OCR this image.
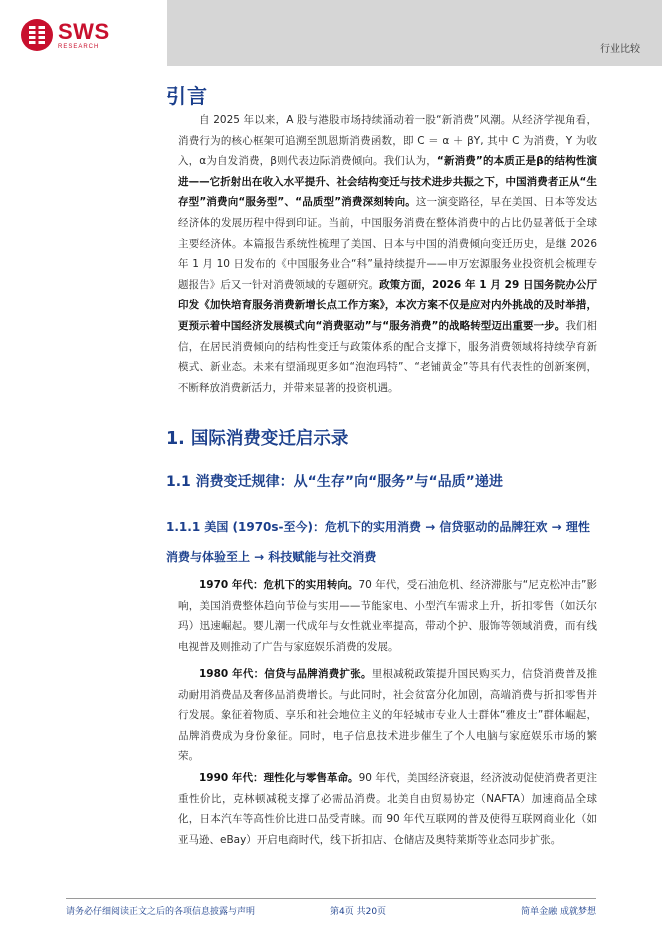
SWS
RESEARCH	行业比较
引言
自 2025 年以来，A 股与港股市场持续涌动着一股“新消费”风潮。从经济学视角看，消费行为的核心框架可追溯至凯恩斯消费函数，即 C ＝ α ＋ βY, 其中 C 为消费，Y 为收入，α为自发消费，β则代表边际消费倾向。我们认为，“新消费”的本质正是β的结构性演进——它折射出在收入水平提升、社会结构变迁与技术进步共振之下，中国消费者正从“生存型”消费向“服务型”、“品质型”消费深刻转向。这一演变路径，早在美国、日本等发达经济体的发展历程中得到印证。当前，中国服务消费在整体消费中的占比仍显著低于全球主要经济体。本篇报告系统性梳理了美国、日本与中国的消费倾向变迁历史，是继 2026 年 1 月 10 日发布的《中国服务业合“科”量持续提升——申万宏源服务业投资机会梳理专题报告》后又一针对消费领域的专题研究。政策方面，2026 年 1 月 29 日国务院办公厅印发《加快培育服务消费新增长点工作方案》，本次方案不仅是应对内外挑战的及时举措，更预示着中国经济发展模式向“消费驱动”与“服务消费”的战略转型迈出重要一步。我们相信，在居民消费倾向的结构性变迁与政策体系的配合支撑下，服务消费领域将持续孕育新模式、新业态。未来有望涌现更多如“泡泡玛特”、“老铺黄金”等具有代表性的创新案例，不断释放消费新活力，并带来显著的投资机遇。
1. 国际消费变迁启示录
1.1 消费变迁规律：从“生存”向“服务”与“品质”递进
1.1.1 美国 (1970s-至今)：危机下的实用消费 → 信贷驱动的品牌狂欢 → 理性消费与体验至上 → 科技赋能与社交消费
1970 年代：危机下的实用转向。70 年代，受石油危机、经济滞胀与“尼克松冲击”影响，美国消费整体趋向节俭与实用——节能家电、小型汽车需求上升，折扣零售（如沃尔玛）迅速崛起。婴儿潮一代成年与女性就业率提高，带动个护、服饰等领域消费，而有线电视普及则推动了广告与家庭娱乐消费的发展。
1980 年代：信贷与品牌消费扩张。里根减税政策提升国民购买力，信贷消费普及推动耐用消费品及奢侈品消费增长。与此同时，社会贫富分化加剧，高端消费与折扣零售并行发展。象征着物质、享乐和社会地位主义的年轻城市专业人士群体“雅皮士”群体崛起，品牌消费成为身份象征。同时，电子信息技术进步催生了个人电脑与家庭娱乐市场的繁荣。
1990 年代：理性化与零售革命。90 年代，美国经济衰退，经济波动促使消费者更注重性价比，克林顿减税支撑了必需品消费。北美自由贸易协定（NAFTA）加速商品全球化，日本汽车等高性价比进口品受青睐。而 90 年代互联网的普及使得互联网商业化（如亚马逊、eBay）开启电商时代，线下折扣店、仓储店及奥特莱斯等业态同步扩张。
请务必仔细阅读正文之后的各项信息披露与声明	第4页 共20页	简单金融 成就梦想
